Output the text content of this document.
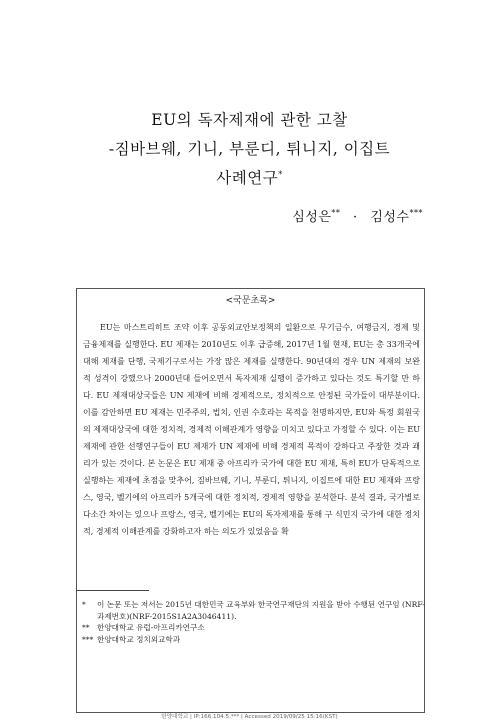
EU의 독자제재에 관한 고찰
-짐바브웨, 기니, 부룬디, 튀니지, 이집트
사례연구*
심성은** · 김성수***
<국문초록>

EU는 마스트리히트 조약 이후 공동외교안보정책의 일환으로 무기금수, 여행금지, 경제 및 금융제재를 실행한다. EU 제재는 2010년도 이후 급증해, 2017년 1월 현재, EU는 총 33개국에 대해 제재를 단행, 국제기구로서는 가장 많은 제재를 실행한다. 90년대의 경우 UN 제재의 보완적 성격이 강했으나 2000년대 들어오면서 독자제재 실행이 증가하고 있다는 것도 특기할 만 하다. EU 제재대상국들은 UN 제재에 비해 경제적으로, 정치적으로 안정된 국가들이 대부분이다. 이를 감안하면 EU 제재는 민주주의, 법치, 인권 수호라는 목적을 천명하지만, EU와 특정 회원국의 제재대상국에 대한 정치적, 경제적 이해관계가 영향을 미치고 있다고 가정할 수 있다. 이는 EU 제재에 관한 선행연구들이 EU 제재가 UN 제재에 비해 경제적 목적이 강하다고 주장한 것과 괘리가 있는 것이다. 본 논문은 EU 제재 중 아프리카 국가에 대한 EU 제재, 특히 EU가 단독적으로 실행하는 제재에 초점을 맞추어, 짐바브웨, 기니, 부룬디, 튀니지, 이집트에 대한 EU 제재와 프랑스, 영국, 벨기에의 아프리카 5개국에 대한 정치적, 경제적 영향을 분석한다. 분석 결과, 국가별로 다소간 차이는 있으나 프랑스, 영국, 벨기에는 EU의 독자제재를 통해 구 식민지 국가에 대한 정치적, 경제적 이해관계를 강화하고자 하는 의도가 있었음을 확

*	이 논문 또는 저서는 2015년 대한민국 교육부와 한국연구재단의 지원을 받아 수행된 연구임 (NRF-과제번호)(NRF-2015S1A2A3046411).
** 한양대학교 유럽-아프리카연구소
*** 한양대학교 정치외교학과
한양대학교 | IP:166.104.5.*** | Accessed 2019/09/25 15:16(KST)
